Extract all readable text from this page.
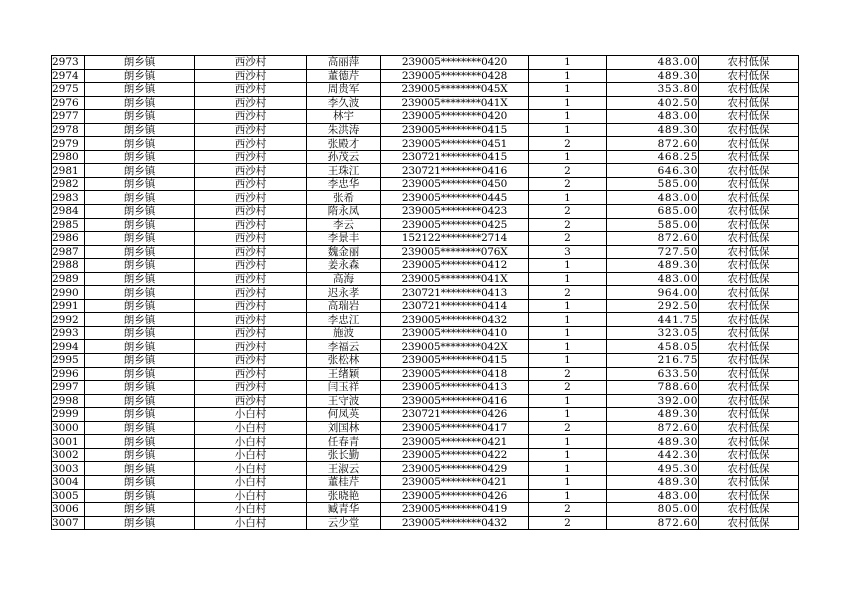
2973	朗乡镇	西沙村	高丽萍	239005********0420	1	483.00	农村低保
2974	朗乡镇	西沙村	董德芹	239005********0428	1	489.30	农村低保
2975	朗乡镇	西沙村	周贵军	239005********045X	1	353.80	农村低保
2976	朗乡镇	西沙村	李久波	239005********041X	1	402.50	农村低保
2977	朗乡镇	西沙村	林宇	239005********0420	1	483.00	农村低保
2978	朗乡镇	西沙村	朱洪涛	239005********0415	1	489.30	农村低保
2979	朗乡镇	西沙村	张殿才	239005********0451	2	872.60	农村低保
2980	朗乡镇	西沙村	孙茂云	230721********0415	1	468.25	农村低保
2981	朗乡镇	西沙村	王珠江	230721********0416	2	646.30	农村低保
2982	朗乡镇	西沙村	李忠华	239005********0450	2	585.00	农村低保
2983	朗乡镇	西沙村	张希	239005********0445	1	483.00	农村低保
2984	朗乡镇	西沙村	隋永凤	239005********0423	2	685.00	农村低保
2985	朗乡镇	西沙村	李云	239005********0425	2	585.00	农村低保
2986	朗乡镇	西沙村	李景丰	152122********2714	2	872.60	农村低保
2987	朗乡镇	西沙村	魏金丽	239005********076X	3	727.50	农村低保
2988	朗乡镇	西沙村	姜永森	239005********0412	1	489.30	农村低保
2989	朗乡镇	西沙村	高海	239005********041X	1	483.00	农村低保
2990	朗乡镇	西沙村	迟永孝	230721********0413	2	964.00	农村低保
2991	朗乡镇	西沙村	高瑞岩	230721********0414	1	292.50	农村低保
2992	朗乡镇	西沙村	李忠江	239005********0432	1	441.75	农村低保
2993	朗乡镇	西沙村	施波	239005********0410	1	323.05	农村低保
2994	朗乡镇	西沙村	李福云	239005********042X	1	458.05	农村低保
2995	朗乡镇	西沙村	张松林	239005********0415	1	216.75	农村低保
2996	朗乡镇	西沙村	王绪颖	239005********0418	2	633.50	农村低保
2997	朗乡镇	西沙村	闫玉祥	239005********0413	2	788.60	农村低保
2998	朗乡镇	西沙村	王守波	239005********0416	1	392.00	农村低保
2999	朗乡镇	小白村	何凤英	230721********0426	1	489.30	农村低保
3000	朗乡镇	小白村	刘国林	239005********0417	2	872.60	农村低保
3001	朗乡镇	小白村	任春青	239005********0421	1	489.30	农村低保
3002	朗乡镇	小白村	张长勤	239005********0422	1	442.30	农村低保
3003	朗乡镇	小白村	王淑云	239005********0429	1	495.30	农村低保
3004	朗乡镇	小白村	董桂芹	239005********0421	1	489.30	农村低保
3005	朗乡镇	小白村	张晓艳	239005********0426	1	483.00	农村低保
3006	朗乡镇	小白村	臧青华	239005********0419	2	805.00	农村低保
3007	朗乡镇	小白村	云少堂	239005********0432	2	872.60	农村低保
